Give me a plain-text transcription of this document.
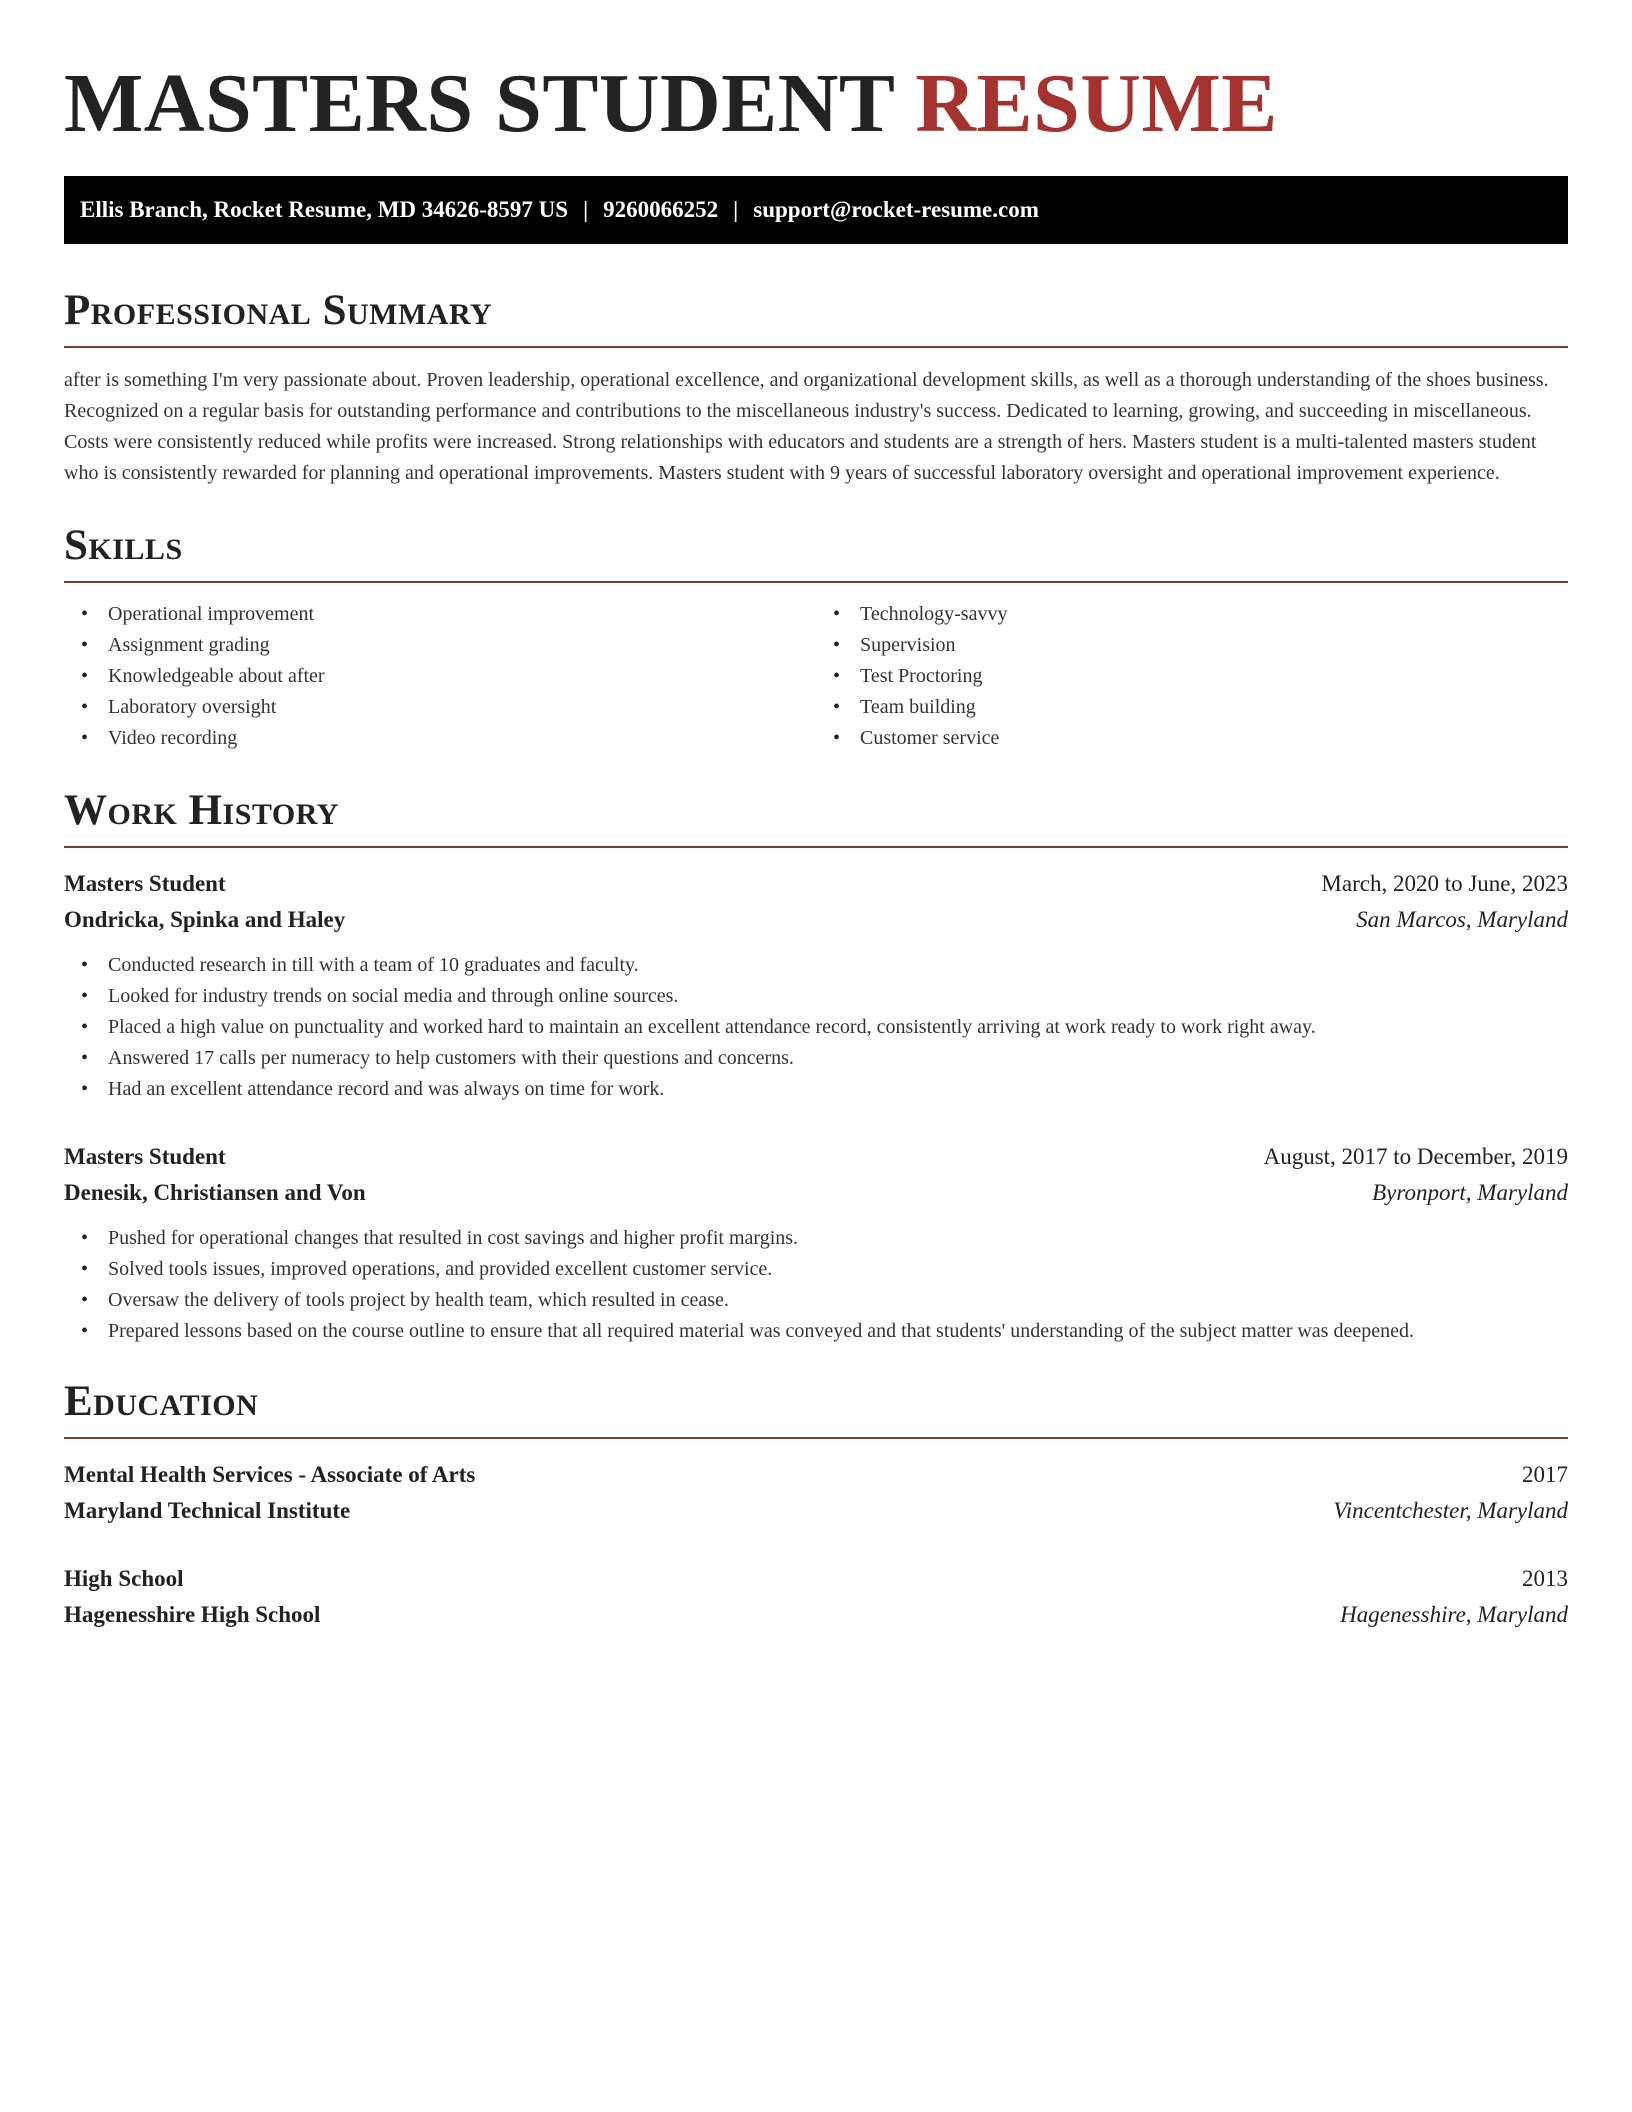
MASTERS STUDENT RESUME
Ellis Branch, Rocket Resume, MD 34626-8597 US | 9260066252 | support@rocket-resume.com
Professional Summary

after is something I'm very passionate about. Proven leadership, operational excellence, and organizational development skills, as well as a thorough understanding of the shoes business. Recognized on a regular basis for outstanding performance and contributions to the miscellaneous industry's success. Dedicated to learning, growing, and succeeding in miscellaneous. Costs were consistently reduced while profits were increased. Strong relationships with educators and students are a strength of hers. Masters student is a multi-talented masters student who is consistently rewarded for planning and operational improvements. Masters student with 9 years of successful laboratory oversight and operational improvement experience.

Skills
• Operational improvement
• Assignment grading
• Knowledgeable about after
• Laboratory oversight
• Video recording
• Technology-savvy
• Supervision
• Test Proctoring
• Team building
• Customer service
Work History
Masters Student	March, 2020 to June, 2023
Ondricka, Spinka and Haley	San Marcos, Maryland
• Conducted research in till with a team of 10 graduates and faculty.
• Looked for industry trends on social media and through online sources.
• Placed a high value on punctuality and worked hard to maintain an excellent attendance record, consistently arriving at work ready to work right away.
• Answered 17 calls per numeracy to help customers with their questions and concerns.
• Had an excellent attendance record and was always on time for work.
Masters Student	August, 2017 to December, 2019
Denesik, Christiansen and Von	Byronport, Maryland
• Pushed for operational changes that resulted in cost savings and higher profit margins.
• Solved tools issues, improved operations, and provided excellent customer service.
• Oversaw the delivery of tools project by health team, which resulted in cease.
• Prepared lessons based on the course outline to ensure that all required material was conveyed and that students' understanding of the subject matter was deepened.
Education
Mental Health Services - Associate of Arts	2017
Maryland Technical Institute	Vincentchester, Maryland
High School	2013
Hagenesshire High School	Hagenesshire, Maryland
